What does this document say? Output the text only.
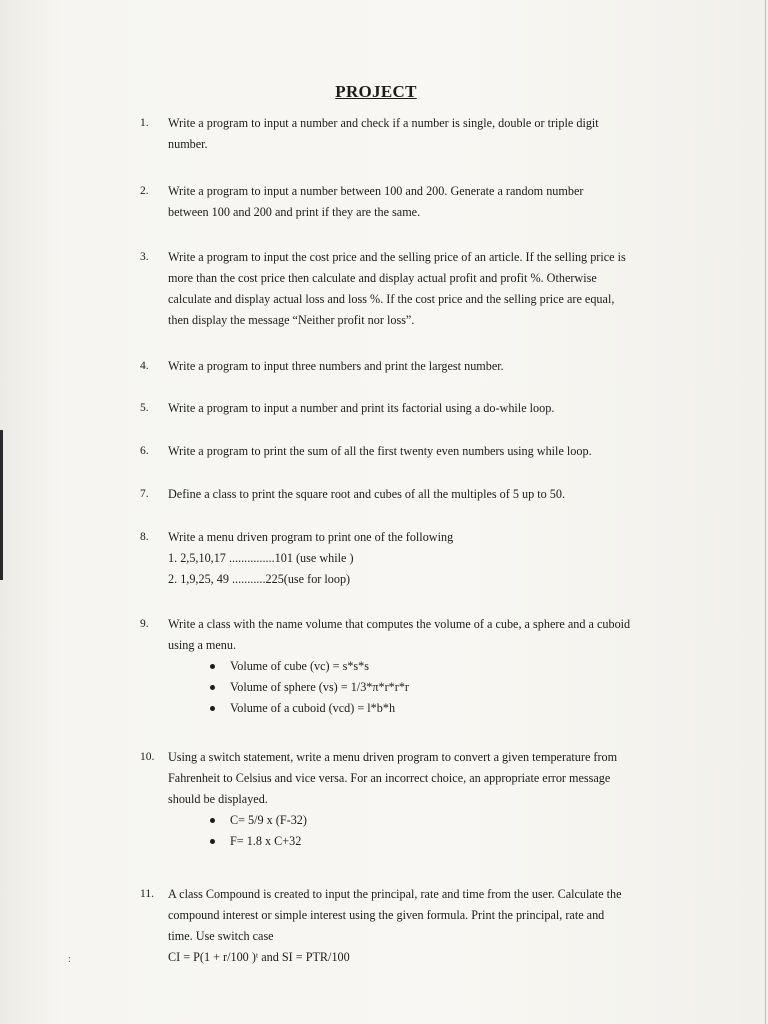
PROJECT
1.	Write a program to input a number and check if a number is single, double or triple digit
number.
2.	Write a program to input a number between 100 and 200. Generate a random number
between 100 and 200 and print if they are the same.
3.	Write a program to input the cost price and the selling price of an article. If the selling price is
more than the cost price then calculate and display actual profit and profit %. Otherwise
calculate and display actual loss and loss %. If the cost price and the selling price are equal,
then display the message “Neither profit nor loss”.
4.	Write a program to input three numbers and print the largest number.
5.	Write a program to input a number and print its factorial using a do-while loop.
6.	Write a program to print the sum of all the first twenty even numbers using while loop.
7.	Define a class to print the square root and cubes of all the multiples of 5 up to 50.
8.	Write a menu driven program to print one of the following
1. 2,5,10,17 ...............101 (use while )
2. 1,9,25, 49 ...........225(use for loop)
9.	Write a class with the name volume that computes the volume of a cube, a sphere and a cuboid
using a menu.
Volume of cube (vc) = s*s*s
Volume of sphere (vs) = 1/3*π*r*r*r
Volume of a cuboid (vcd) = l*b*h
10.	Using a switch statement, write a menu driven program to convert a given temperature from
Fahrenheit to Celsius and vice versa. For an incorrect choice, an appropriate error message
should be displayed.
C= 5/9 x (F-32)
F= 1.8 x C+32
11.	A class Compound is created to input the principal, rate and time from the user. Calculate the
compound interest or simple interest using the given formula. Print the principal, rate and
time. Use switch case
CI = P(1 + r/100 )ᵗ and SI = PTR/100
:
